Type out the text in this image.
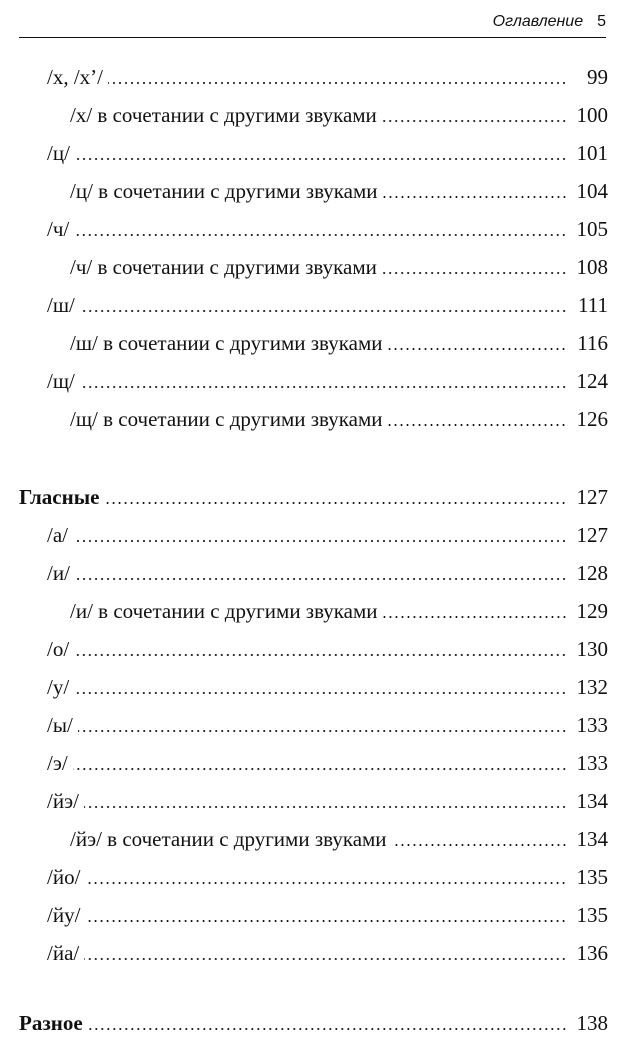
Оглавление 5
/х, /х’/	99
/х/ в сочетании с другими звуками	100
/ц/	101
/ц/ в сочетании с другими звуками	104
/ч/	105
/ч/ в сочетании с другими звуками	108
/ш/	111
/ш/ в сочетании с другими звуками	116
/щ/	124
/щ/ в сочетании с другими звуками	126
Гласные	127
/а/	127
/и/	128
/и/ в сочетании с другими звуками	129
/о/	130
/у/	132
/ы/	133
/э/	133
/йэ/	134
/йэ/ в сочетании с другими звуками	134
/йо/	135
/йу/	135
/йа/	136
Разное	138
